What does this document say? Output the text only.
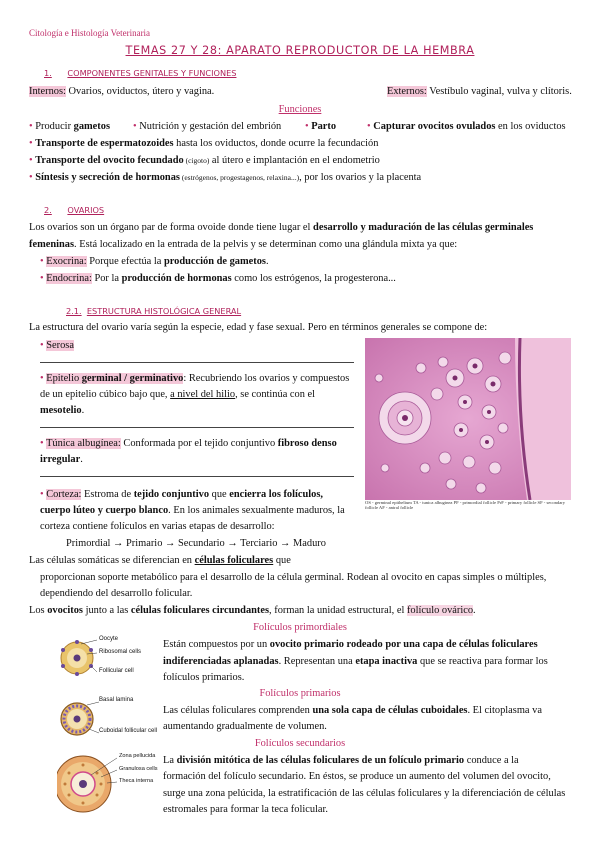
Citología e Histología Veterinaria
TEMAS 27 Y 28: APARATO REPRODUCTOR DE LA HEMBRA
1. COMPONENTES GENITALES Y FUNCIONES
Internos: Ovarios, oviductos, útero y vagina.	Externos: Vestíbulo vaginal, vulva y clítoris.
Funciones
• Producir gametos • Nutrición y gestación del embrión • Parto	• Capturar ovocitos ovulados en los oviductos
• Transporte de espermatozoides hasta los oviductos, donde ocurre la fecundación
• Transporte del ovocito fecundado (cigoto) al útero e implantación en el endometrio
• Síntesis y secreción de hormonas (estrógenos, progestagenos, relaxina...), por los ovarios y la placenta
2. OVARIOS
Los ovarios son un órgano par de forma ovoide donde tiene lugar el desarrollo y maduración de las células germinales
femeninas. Está localizado en la entrada de la pelvis y se determinan como una glándula mixta ya que:
• Exocrina: Porque efectúa la producción de gametos.
• Endocrina: Por la producción de hormonas como los estrógenos, la progesterona...
2.1. ESTRUCTURA HISTOLÓGICA GENERAL
La estructura del ovario varía según la especie, edad y fase sexual. Pero en términos generales se compone de:
• Serosa
• Epitelio germinal / germinativo: Recubriendo los ovarios y compuestos
de un epitelio cúbico bajo que, a nivel del hilio, se continúa con el
mesotelio.
• Túnica albugínea: Conformada por el tejido conjuntivo fibroso denso
irregular.
• Corteza: Estroma de tejido conjuntivo que encierra los folículos,
cuerpo lúteo y cuerpo blanco. En los animales sexualmente maduros, la
corteza contiene folículos en varias etapas de desarrollo:
Primordial → Primario → Secundario → Terciario → Maduro
Las células somáticas se diferencian en células foliculares que
proporcionan soporte metabólico para el desarrollo de la célula germinal. Rodean al ovocito en capas simples o múltiples,
dependiendo del desarrollo folicular.
Los ovocitos junto a las células foliculares circundantes, forman la unidad estructural, el folículo ovárico.
OS - germinal epithelium TA - tunica albuginea PF - primordial follicle PrF - primary follicle SF - secondary follicle AF - antral follicle
Folículos primordiales
Oocyte
Ribosomal cells
Follicular cell
Están compuestos por un ovocito primario rodeado por una capa de células foliculares
indiferenciadas aplanadas. Representan una etapa inactiva que se reactiva para formar los
folículos primarios.
Folículos primarios
Basal lamina
Cuboidal follicular cell
Las células foliculares comprenden una sola capa de células cuboidales. El citoplasma va
aumentando gradualmente de volumen.
Folículos secundarios
Zona pellucida
Granulosa cells
Theca interna
La división mitótica de las células foliculares de un folículo primario conduce a la
formación del folículo secundario. En éstos, se produce un aumento del volumen del ovocito,
surge una zona pelúcida, la estratificación de las células foliculares y la diferenciación de células
estromales para formar la teca folicular.
